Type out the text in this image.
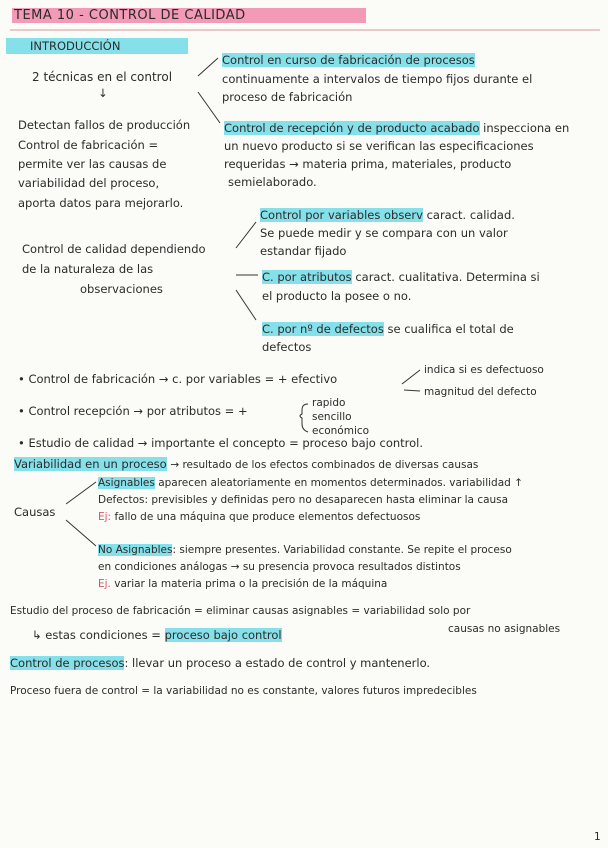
TEMA 10 - CONTROL DE CALIDAD
INTRODUCCIÓN
2 técnicas en el control
↓
Control en curso de fabricación de procesos
continuamente a intervalos de tiempo fijos durante el
proceso de fabricación
Control de recepción y de producto acabado inspecciona en
un nuevo producto si se verifican las especificaciones
requeridas → materia prima, materiales, producto
semielaborado.
Detectan fallos de producción
Control de fabricación =
permite ver las causas de
variabilidad del proceso,
aporta datos para mejorarlo.
Control por variables observ caract. calidad.
Se puede medir y se compara con un valor
estandar fijado
Control de calidad dependiendo
de la naturaleza de las
observaciones
C. por atributos caract. cualitativa. Determina si
el producto la posee o no.
C. por nº de defectos se cualifica el total de
defectos
• Control de fabricación → c. por variables = + efectivo
indica si es defectuoso
magnitud del defecto
• Control recepción → por atributos = +
rapido
sencillo
económico
• Estudio de calidad → importante el concepto = proceso bajo control.
Variabilidad en un proceso → resultado de los efectos combinados de diversas causas
Causas
Asignables aparecen aleatoriamente en momentos determinados. variabilidad ↑
Defectos: previsibles y definidas pero no desaparecen hasta eliminar la causa
Ej: fallo de una máquina que produce elementos defectuosos
No Asignables: siempre presentes. Variabilidad constante. Se repite el proceso
en condiciones análogas → su presencia provoca resultados distintos
Ej. variar la materia prima o la precisión de la máquina
Estudio del proceso de fabricación = eliminar causas asignables = variabilidad solo por
↳ estas condiciones = proceso bajo control	causas no asignables
Control de procesos: llevar un proceso a estado de control y mantenerlo.
Proceso fuera de control = la variabilidad no es constante, valores futuros impredecibles
1
